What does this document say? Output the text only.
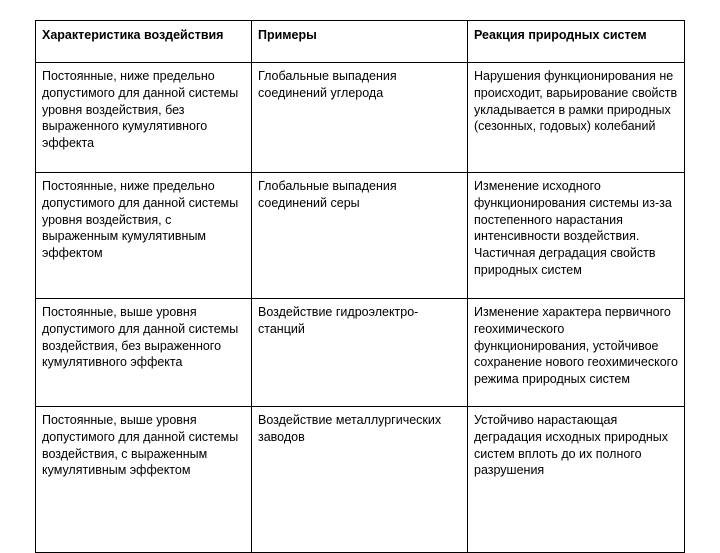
Характеристика воздействия	Примеры	Реакция природных систем
Постоянные, ниже предельно допустимого для данной системы уровня воздействия, без выраженного кумулятивного эффекта	Глобальные выпадения соединений углерода	Нарушения функционирования не происходит, варьирование свойств укладывается в рамки природных (сезонных, годовых) колебаний
Постоянные, ниже предельно допустимого для данной системы уровня воздействия, с выраженным кумулятивным эффектом	Глобальные выпадения соединений серы	Изменение исходного функционирования системы из-за постепенного нарастания интенсивности воздействия. Частичная деградация свойств природных систем
Постоянные, выше уровня допустимого для данной системы воздействия, без выраженного кумулятивного эффекта	Воздействие гидроэлектро-станций	Изменение характера первичного геохимического функционирования, устойчивое сохранение нового геохимического режима природных систем
Постоянные, выше уровня допустимого для данной системы воздействия, с выраженным кумулятивным эффектом	Воздействие металлургических заводов	Устойчиво нарастающая деградация исходных природных систем вплоть до их полного разрушения
